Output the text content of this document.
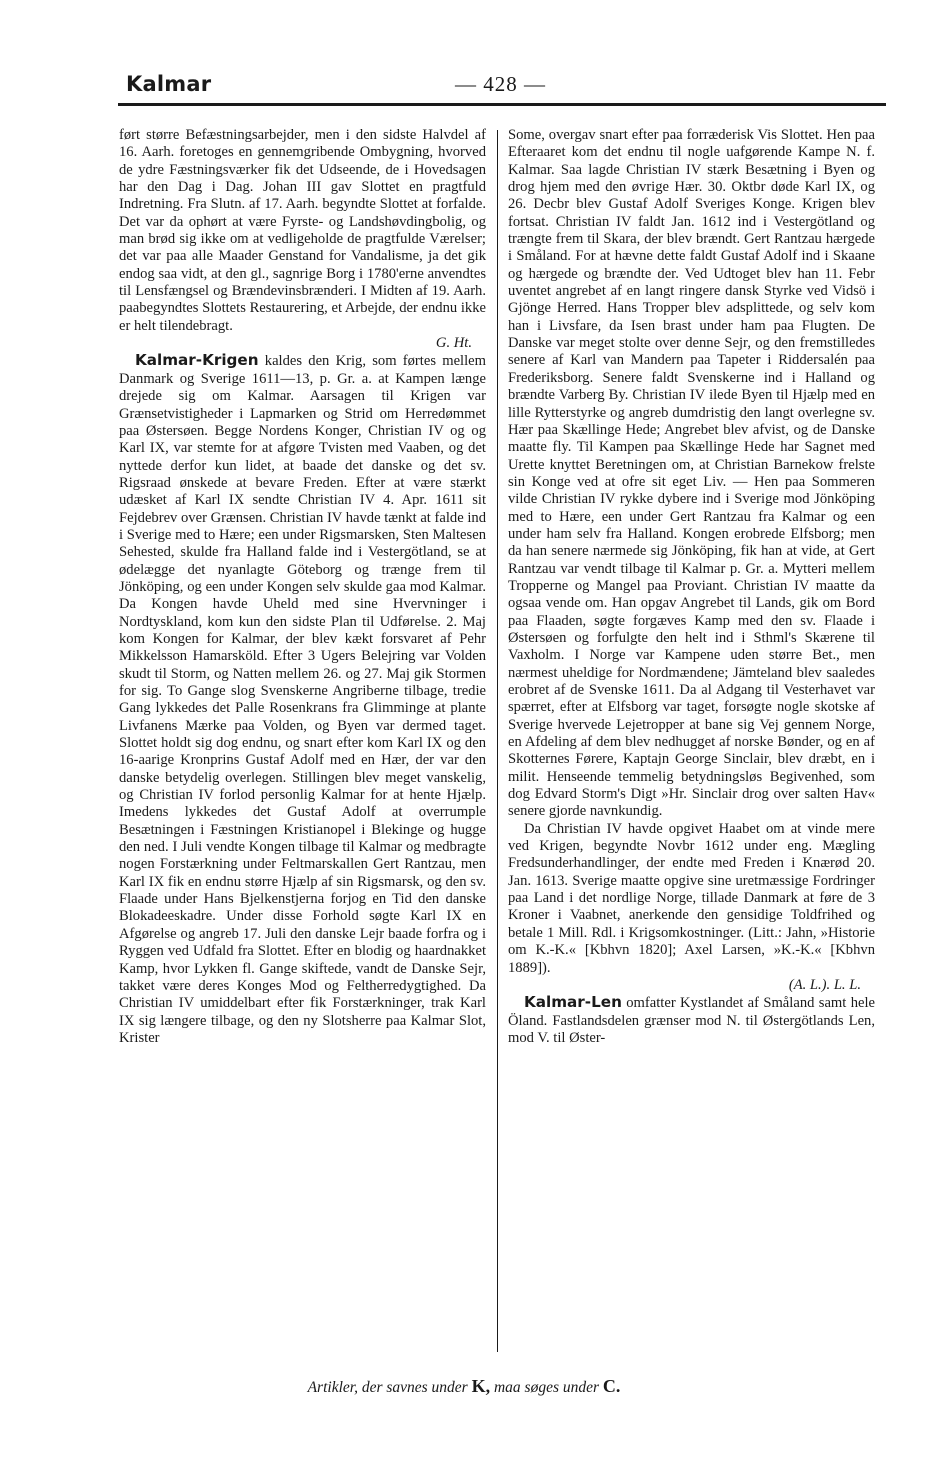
Kalmar	— 428 —

ført større Befæstningsarbejder, men i den sidste Halvdel af 16. Aarh. foretoges en gennemgribende Ombygning, hvorved de ydre Fæstningsværker fik det Udseende, de i Hovedsagen har den Dag i Dag. Johan III gav Slottet en pragtfuld Indretning. Fra Slutn. af 17. Aarh. begyndte Slottet at forfalde. Det var da ophørt at være Fyrste- og Landshøvdingbolig, og man brød sig ikke om at vedligeholde de pragtfulde Værelser; det var paa alle Maader Genstand for Vandalisme, ja det gik endog saa vidt, at den gl., sagnrige Borg i 1780'erne anvendtes til Lensfængsel og Brændevinsbrænderi. I Midten af 19. Aarh. paabegyndtes Slottets Restaurering, et Arbejde, der endnu ikke er helt tilendebragt.

G. Ht.

Kalmar-Krigen kaldes den Krig, som førtes mellem Danmark og Sverige 1611—13, p. Gr. a. at Kampen længe drejede sig om Kalmar. Aarsagen til Krigen var Grænsetvistigheder i Lapmarken og Strid om Herredømmet paa Østersøen. Begge Nordens Konger, Christian IV og og Karl IX, var stemte for at afgøre Tvisten med Vaaben, og det nyttede derfor kun lidet, at baade det danske og det sv. Rigsraad ønskede at bevare Freden. Efter at være stærkt udæsket af Karl IX sendte Christian IV 4. Apr. 1611 sit Fejdebrev over Grænsen. Christian IV havde tænkt at falde ind i Sverige med to Hære; een under Rigsmarsken, Sten Maltesen Sehested, skulde fra Halland falde ind i Vestergötland, se at ødelægge det nyanlagte Göteborg og trænge frem til Jönköping, og een under Kongen selv skulde gaa mod Kalmar. Da Kongen havde Uheld med sine Hvervninger i Nordtyskland, kom kun den sidste Plan til Udførelse. 2. Maj kom Kongen for Kalmar, der blev kækt forsvaret af Pehr Mikkelsson Hamarsköld. Efter 3 Ugers Belejring var Volden skudt til Storm, og Natten mellem 26. og 27. Maj gik Stormen for sig. To Gange slog Svenskerne Angriberne tilbage, tredie Gang lykkedes det Palle Rosenkrans fra Glimminge at plante Livfanens Mærke paa Volden, og Byen var dermed taget. Slottet holdt sig dog endnu, og snart efter kom Karl IX og den 16-aarige Kronprins Gustaf Adolf med en Hær, der var den danske betydelig overlegen. Stillingen blev meget vanskelig, og Christian IV forlod personlig Kalmar for at hente Hjælp. Imedens lykkedes det Gustaf Adolf at overrumple Besætningen i Fæstningen Kristianopel i Blekinge og hugge den ned. I Juli vendte Kongen tilbage til Kalmar og medbragte nogen Forstærkning under Feltmarskallen Gert Rantzau, men Karl IX fik en endnu større Hjælp af sin Rigsmarsk, og den sv. Flaade under Hans Bjelkenstjerna forjog en Tid den danske Blokadeeskadre. Under disse Forhold søgte Karl IX en Afgørelse og angreb 17. Juli den danske Lejr baade forfra og i Ryggen ved Udfald fra Slottet. Efter en blodig og haardnakket Kamp, hvor Lykken fl. Gange skiftede, vandt de Danske Sejr, takket være deres Konges Mod og Feltherredygtighed. Da Christian IV umiddelbart efter fik Forstærkninger, trak Karl IX sig længere tilbage, og den ny Slotsherre paa Kalmar Slot, Krister

Some, overgav snart efter paa forræderisk Vis Slottet. Hen paa Efteraaret kom det endnu til nogle uafgørende Kampe N. f. Kalmar. Saa lagde Christian IV stærk Besætning i Byen og drog hjem med den øvrige Hær. 30. Oktbr døde Karl IX, og 26. Decbr blev Gustaf Adolf Sveriges Konge. Krigen blev fortsat. Christian IV faldt Jan. 1612 ind i Vestergötland og trængte frem til Skara, der blev brændt. Gert Rantzau hærgede i Småland. For at hævne dette faldt Gustaf Adolf ind i Skaane og hærgede og brændte der. Ved Udtoget blev han 11. Febr uventet angrebet af en langt ringere dansk Styrke ved Vidsö i Gjönge Herred. Hans Tropper blev adsplittede, og selv kom han i Livsfare, da Isen brast under ham paa Flugten. De Danske var meget stolte over denne Sejr, og den fremstilledes senere af Karl van Mandern paa Tapeter i Riddersalén paa Frederiksborg. Senere faldt Svenskerne ind i Halland og brændte Varberg By. Christian IV ilede Byen til Hjælp med en lille Rytterstyrke og angreb dumdristig den langt overlegne sv. Hær paa Skællinge Hede; Angrebet blev afvist, og de Danske maatte fly. Til Kampen paa Skællinge Hede har Sagnet med Urette knyttet Beretningen om, at Christian Barnekow frelste sin Konge ved at ofre sit eget Liv. — Hen paa Sommeren vilde Christian IV rykke dybere ind i Sverige mod Jönköping med to Hære, een under Gert Rantzau fra Kalmar og een under ham selv fra Halland. Kongen erobrede Elfsborg; men da han senere nærmede sig Jönköping, fik han at vide, at Gert Rantzau var vendt tilbage til Kalmar p. Gr. a. Mytteri mellem Tropperne og Mangel paa Proviant. Christian IV maatte da ogsaa vende om. Han opgav Angrebet til Lands, gik om Bord paa Flaaden, søgte forgæves Kamp med den sv. Flaade i Østersøen og forfulgte den helt ind i Sthml's Skærene til Vaxholm. I Norge var Kampene uden større Bet., men nærmest uheldige for Nordmændene; Jämteland blev saaledes erobret af de Svenske 1611. Da al Adgang til Vesterhavet var spærret, efter at Elfsborg var taget, forsøgte nogle skotske af Sverige hvervede Lejetropper at bane sig Vej gennem Norge, en Afdeling af dem blev nedhugget af norske Bønder, og en af Skotternes Førere, Kaptajn George Sinclair, blev dræbt, en i milit. Henseende temmelig betydningsløs Begivenhed, som dog Edvard Storm's Digt »Hr. Sinclair drog over salten Hav« senere gjorde navnkundig.

Da Christian IV havde opgivet Haabet om at vinde mere ved Krigen, begyndte Novbr 1612 under eng. Mægling Fredsunderhandlinger, der endte med Freden i Knærød 20. Jan. 1613. Sverige maatte opgive sine uretmæssige Fordringer paa Land i det nordlige Norge, tillade Danmark at føre de 3 Kroner i Vaabnet, anerkende den gensidige Toldfrihed og betale 1 Mill. Rdl. i Krigsomkostninger. (Litt.: Jahn, »Historie om K.-K.« [Kbhvn 1820]; Axel Larsen, »K.-K.« [Kbhvn 1889]).

(A. L.). L. L.

Kalmar-Len omfatter Kystlandet af Småland samt hele Öland. Fastlandsdelen grænser mod N. til Østergötlands Len, mod V. til Øster-

Artikler, der savnes under K, maa søges under C.
